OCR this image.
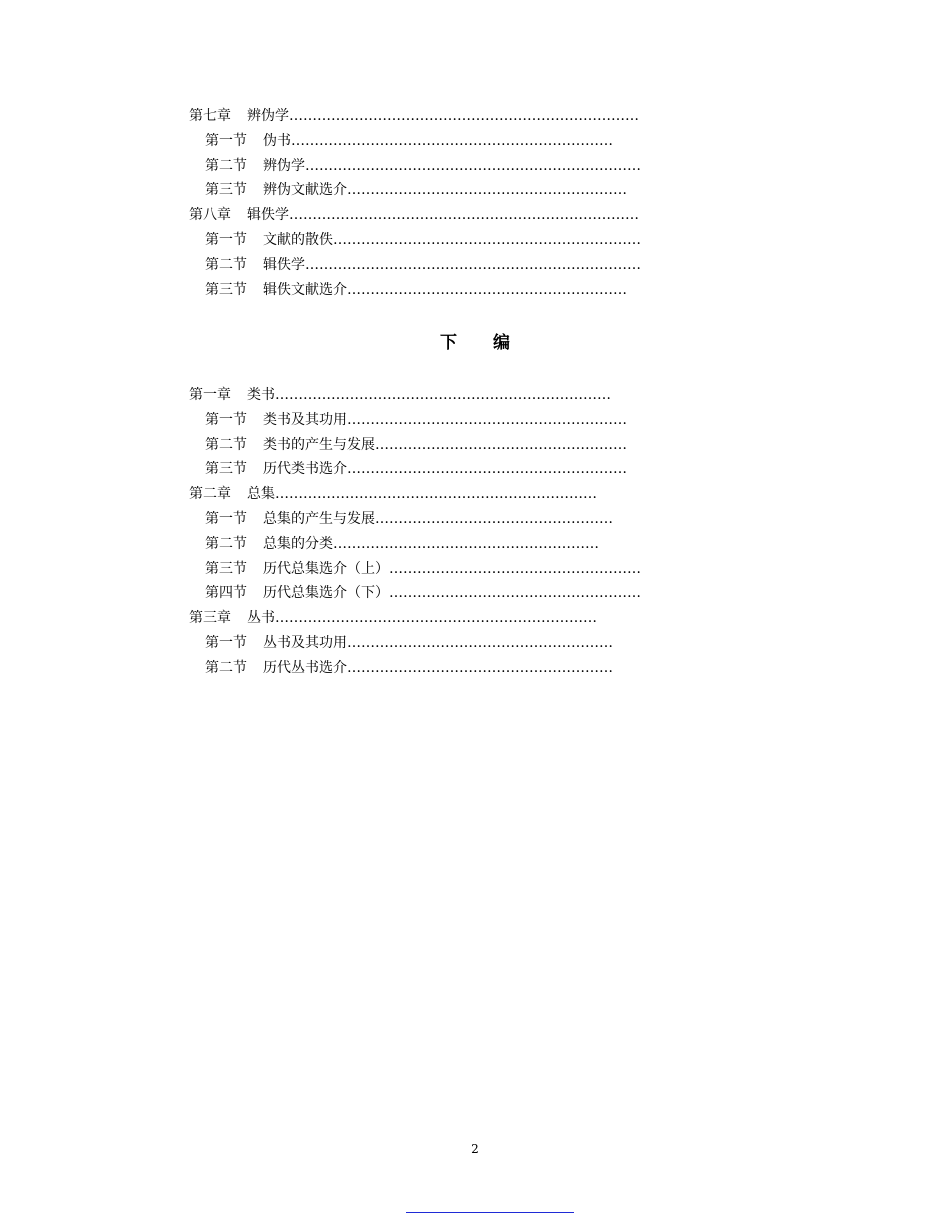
第七章 辨伪学 …………………………………………………………………
第一节 伪书 ……………………………………………………………
第二节 辨伪学 ………………………………………………………………
第三节 辨伪文献选介 ……………………………………………………
第八章 辑佚学 …………………………………………………………………
第一节 文献的散佚 …………………………………………………………
第二节 辑佚学 ………………………………………………………………
第三节 辑佚文献选介 ……………………………………………………
下 编
第一章 类书 ………………………………………………………………
第一节 类书及其功用 ……………………………………………………
第二节 类书的产生与发展 ………………………………………………
第三节 历代类书选介 ……………………………………………………
第二章 总集 ……………………………………………………………
第一节 总集的产生与发展 ……………………………………………
第二节 总集的分类 …………………………………………………
第三节 历代总集选介（上） ………………………………………………
第四节 历代总集选介（下） ………………………………………………
第三章 丛书 ……………………………………………………………
第一节 丛书及其功用 …………………………………………………
第二节 历代丛书选介 …………………………………………………
2
